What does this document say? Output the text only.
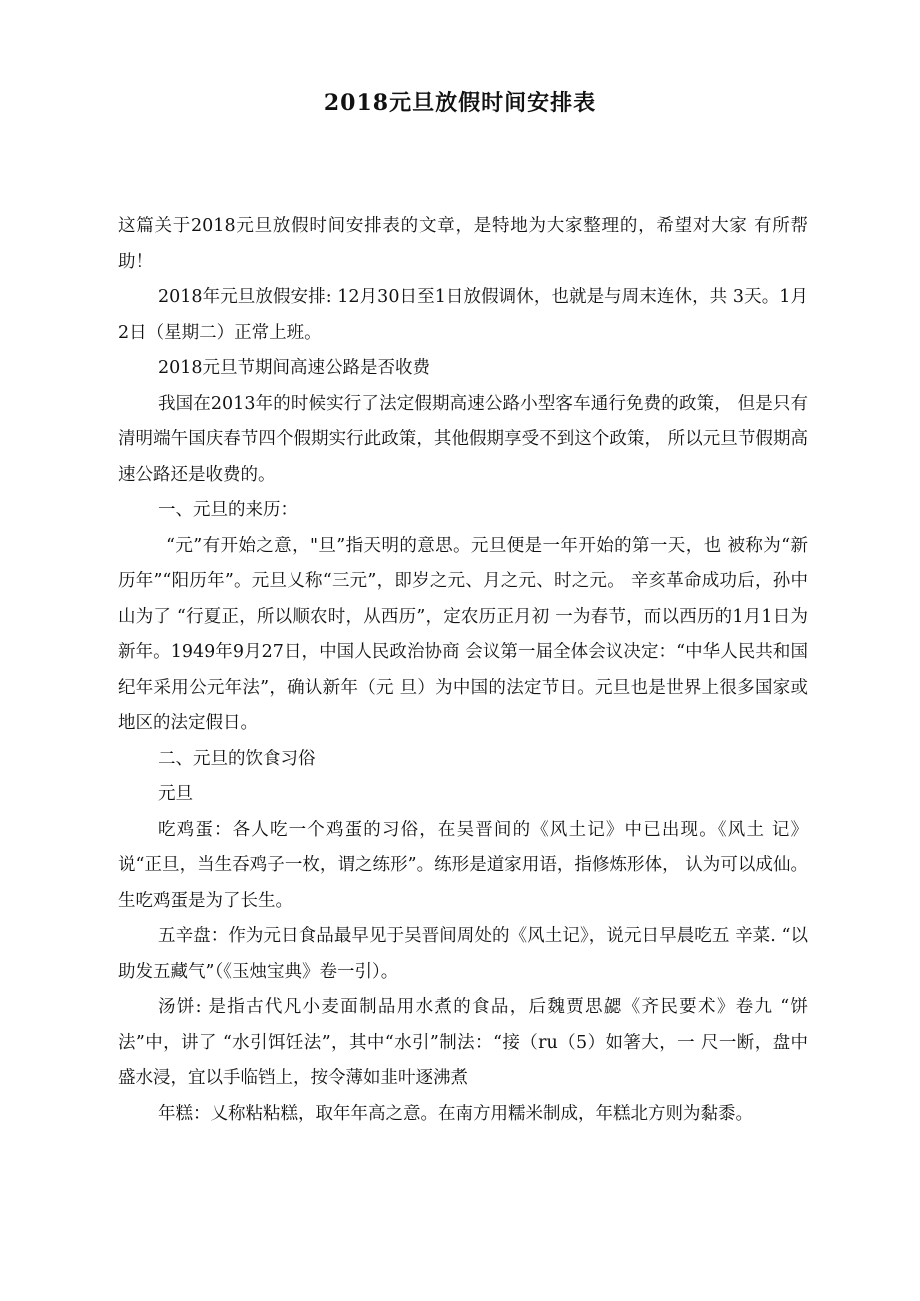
2018元旦放假时间安排表

这篇关于2018元旦放假时间安排表的文章，是特地为大家整理的，希望对大家 有所帮助！

2018年元旦放假安排: 12月30日至1日放假调休，也就是与周末连休，共 3天。1月2日（星期二）正常上班。

2018元旦节期间高速公路是否收费

我国在2013年的时候实行了法定假期高速公路小型客车通行免费的政策， 但是只有清明端午国庆春节四个假期实行此政策，其他假期享受不到这个政策， 所以元旦节假期高速公路还是收费的。

一、元旦的来历：

“元”有开始之意，"旦”指天明的意思。元旦便是一年开始的第一天，也 被称为“新历年”“阳历年”。元旦乂称“三元”，即岁之元、月之元、时之元。 辛亥革命成功后，孙中山为了 “行夏正，所以顺农时，从西历”，定农历正月初 一为春节，而以西历的1月1日为新年。1949年9月27日，中国人民政治协商 会议第一届全体会议决定：“中华人民共和国纪年采用公元年法”，确认新年（元 旦）为中国的法定节日。元旦也是世界上很多国家或地区的法定假日。

二、元旦的饮食习俗

元旦

吃鸡蛋：各人吃一个鸡蛋的习俗，在吴晋间的《风土记》中已出现。《风土 记》说“正旦，当生吞鸡子一枚，谓之练形”。练形是道家用语，指修炼形体， 认为可以成仙。生吃鸡蛋是为了长生。

五辛盘：作为元日食品最早见于吴晋间周处的《风土记》，说元日早晨吃五 辛菜. “以助发五藏气”（《玉烛宝典》卷一引）。

汤饼: 是指古代凡小麦面制品用水煮的食品，后魏贾思勰《齐民要术》卷九 “饼法”中，讲了 “水引饵饪法”，其中“水引”制法：“接（ru（5）如箸大，一 尺一断，盘中盛水浸，宜以手临铛上，按令薄如韭叶逐沸煮

年糕：乂称粘粘糕，取年年高之意。在南方用糯米制成，年糕北方则为黏黍。
